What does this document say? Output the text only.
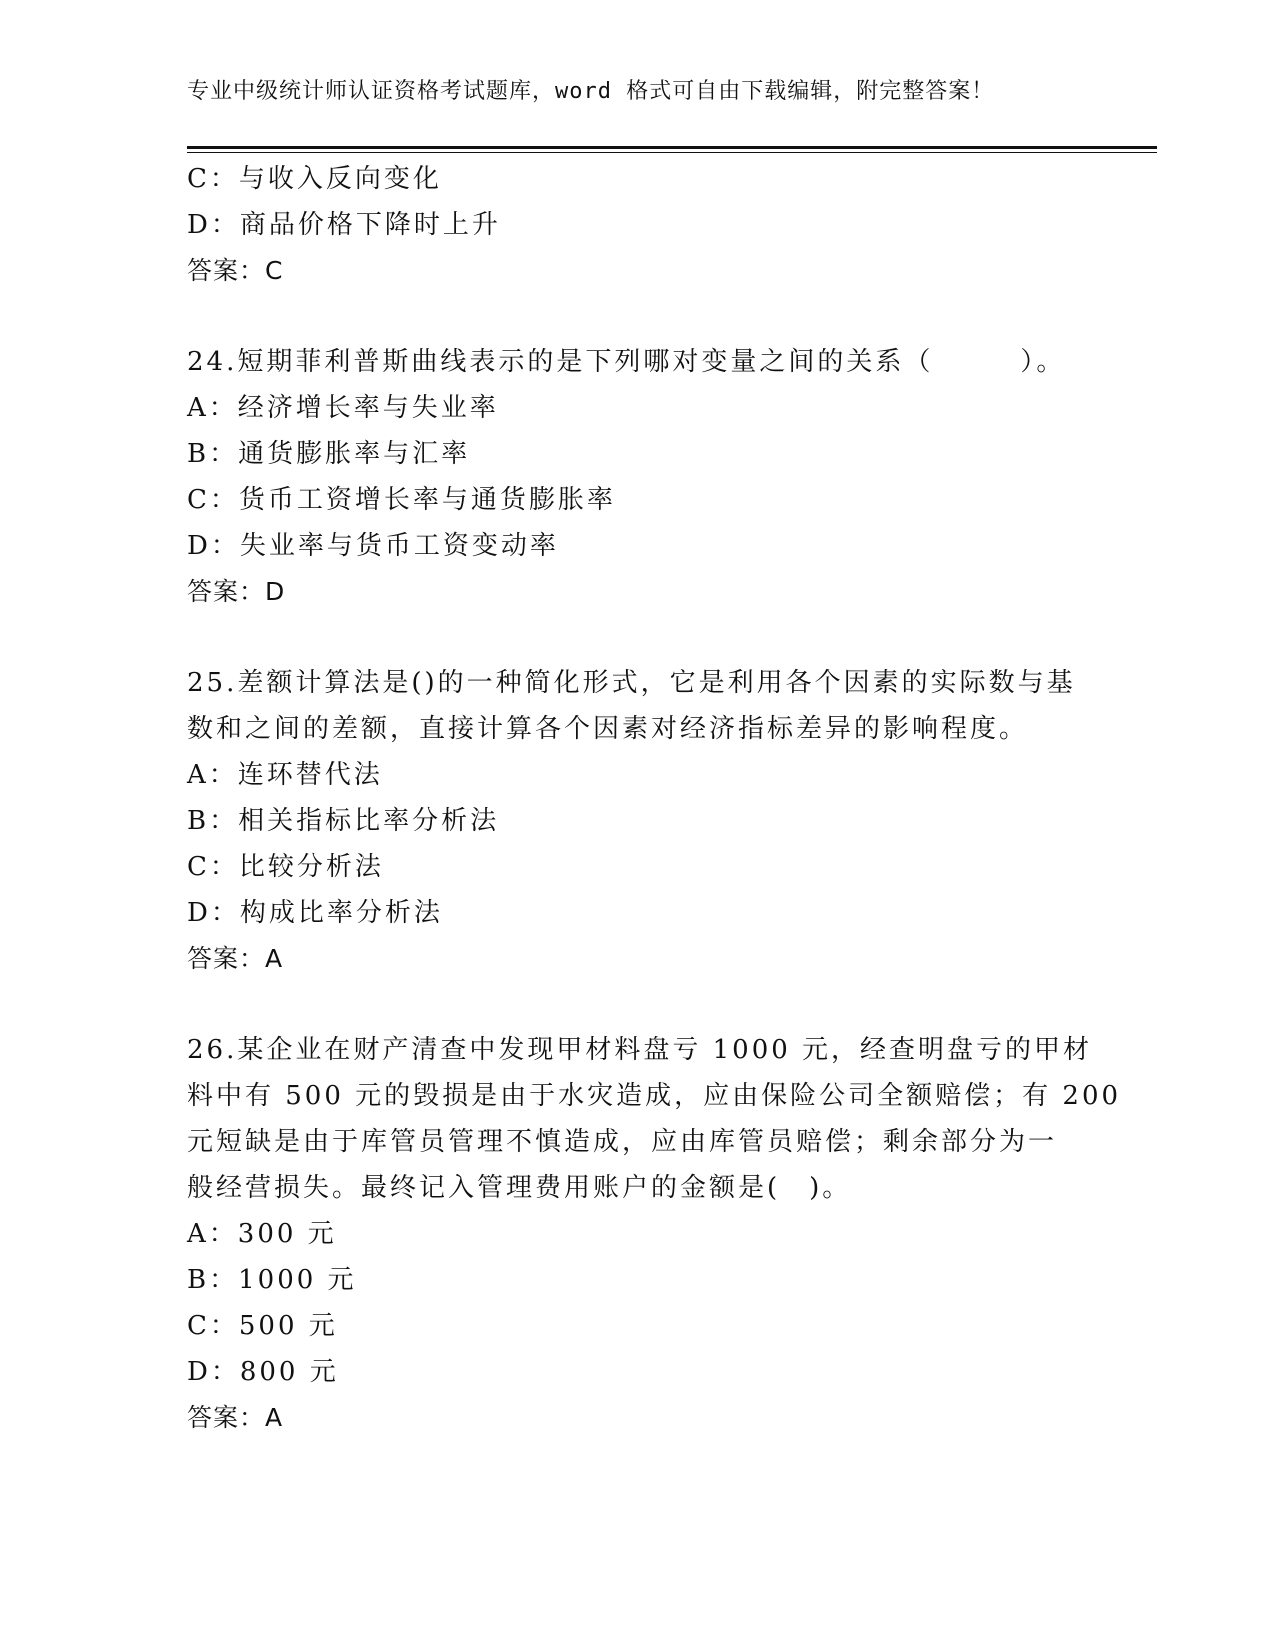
专业中级统计师认证资格考试题库，word 格式可自由下载编辑，附完整答案！
C：与收入反向变化
D：商品价格下降时上升
答案：C
24.短期菲利普斯曲线表示的是下列哪对变量之间的关系（　　　）。
A：经济增长率与失业率
B：通货膨胀率与汇率
C：货币工资增长率与通货膨胀率
D：失业率与货币工资变动率
答案：D
25.差额计算法是()的一种简化形式，它是利用各个因素的实际数与基
数和之间的差额，直接计算各个因素对经济指标差异的影响程度。
A：连环替代法
B：相关指标比率分析法
C：比较分析法
D：构成比率分析法
答案：A
26.某企业在财产清查中发现甲材料盘亏 1000 元，经查明盘亏的甲材
料中有 500 元的毁损是由于水灾造成，应由保险公司全额赔偿；有 200
元短缺是由于库管员管理不慎造成，应由库管员赔偿；剩余部分为一
般经营损失。最终记入管理费用账户的金额是(　)。
A：300 元
B：1000 元
C：500 元
D：800 元
答案：A
